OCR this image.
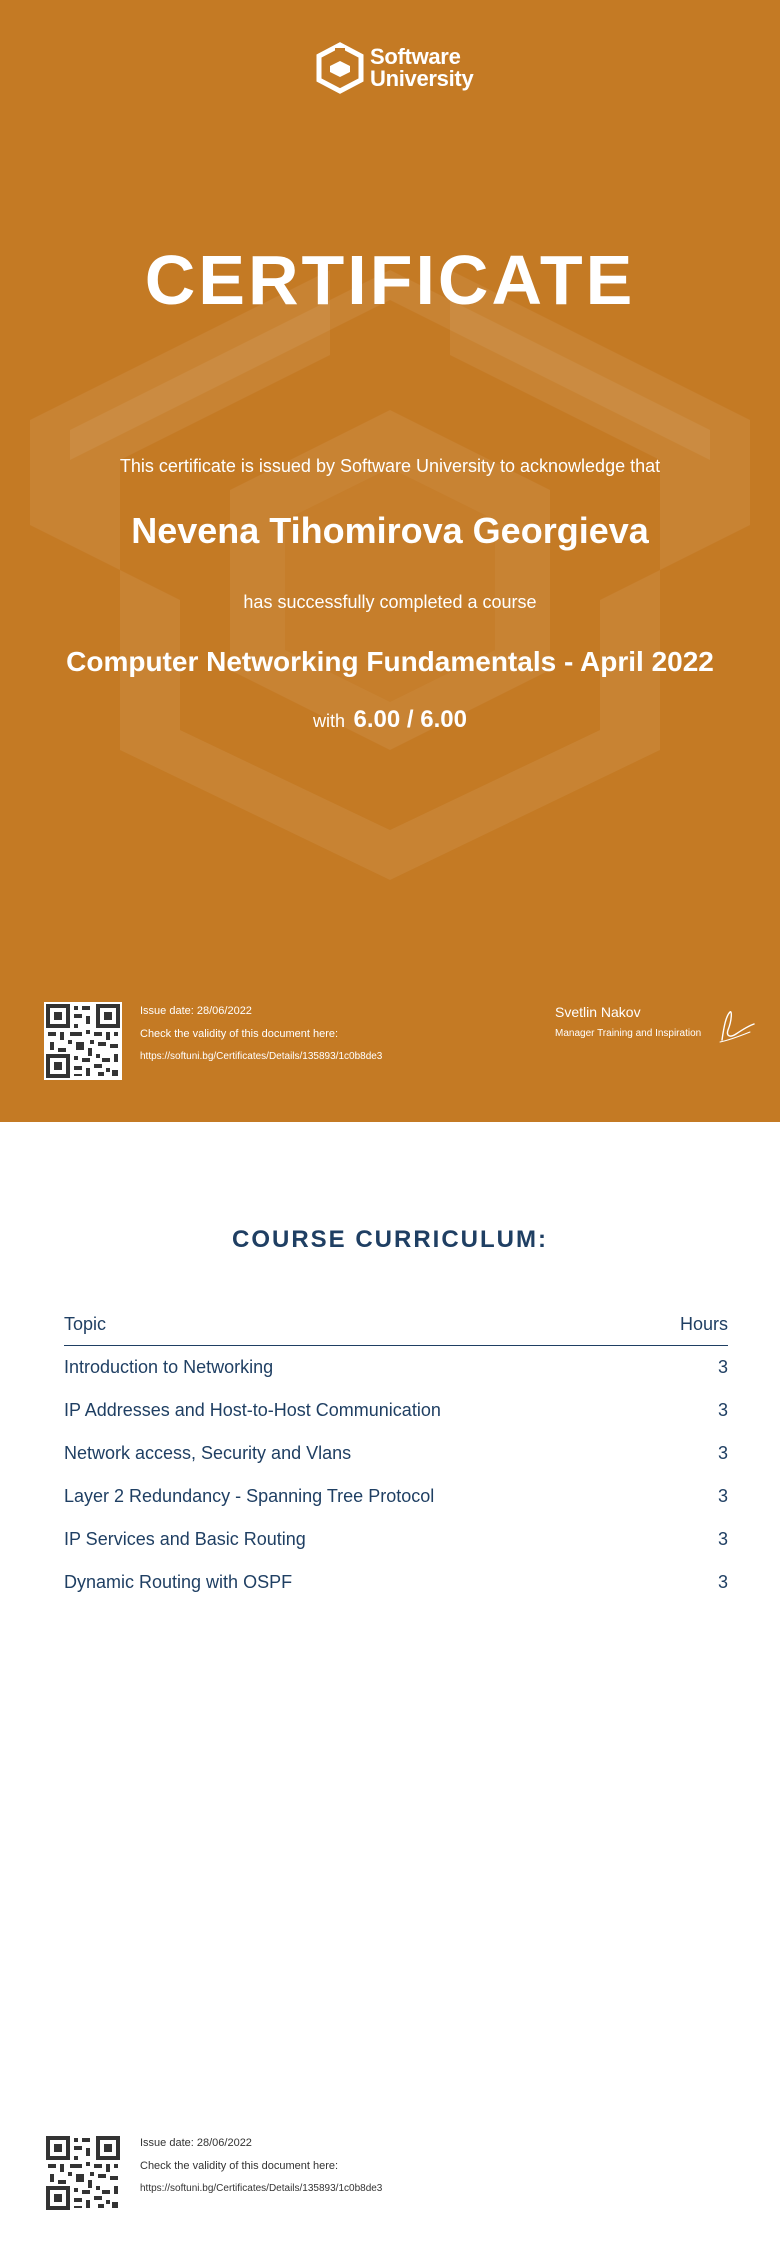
Software
University
CERTIFICATE
This certificate is issued by Software University to acknowledge that
Nevena Tihomirova Georgieva
has successfully completed a course
Computer Networking Fundamentals - April 2022
with 6.00 / 6.00
Issue date: 28/06/2022
Check the validity of this document here:
https://softuni.bg/Certificates/Details/135893/1c0b8de3
Svetlin Nakov
Manager Training and Inspiration
COURSE CURRICULUM:
Topic	Hours
Introduction to Networking	3
IP Addresses and Host-to-Host Communication	3
Network access, Security and Vlans	3
Layer 2 Redundancy - Spanning Tree Protocol	3
IP Services and Basic Routing	3
Dynamic Routing with OSPF	3
Issue date: 28/06/2022
Check the validity of this document here:
https://softuni.bg/Certificates/Details/135893/1c0b8de3
